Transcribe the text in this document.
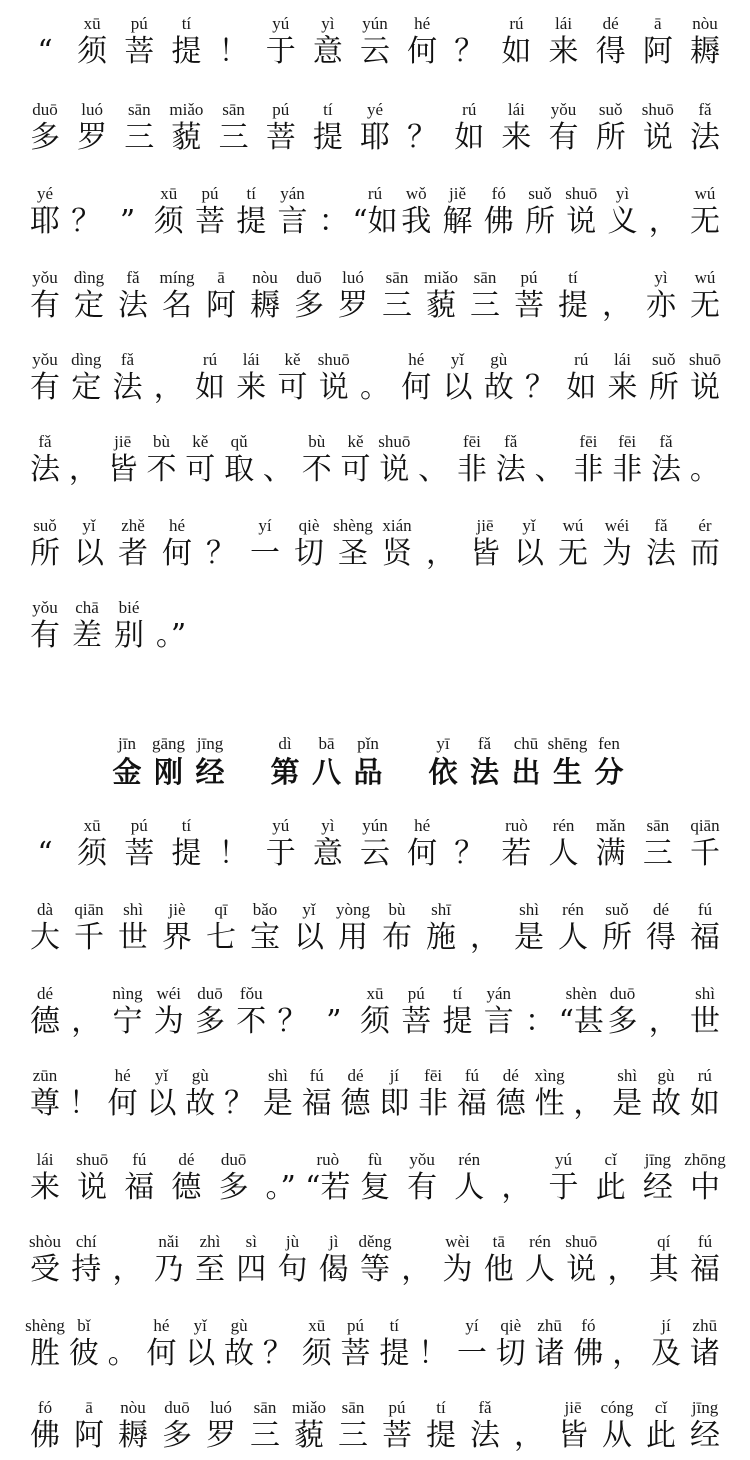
“
xū
须
pú
菩
tí
提 ！
yú
于
yì
意
yún
云
hé
何 ？
rú
如
lái
来
dé
得
ā
阿
nòu
耨
duō
多
luó
罗
sān
三
miǎo
藐
sān
三
pú
菩
tí
提
yé
耶 ？
rú
如
lái
来
yǒu
有
suǒ
所
shuō
说
fǎ
法
yé
耶 ？ ”
xū
须
pú
菩
tí
提
yán
言 ：
rú
“如
wǒ
我
jiě
解
fó
佛
suǒ
所
shuō
说
yì
义 ，
wú
无
yǒu
有
dìng
定
fǎ
法
míng
名
ā
阿
nòu
耨
duō
多
luó
罗
sān
三
miǎo
藐
sān
三
pú
菩
tí
提 ，
yì
亦
wú
无
yǒu
有
dìng
定
fǎ
法 ，
rú
如
lái
来
kě
可
shuō
说 。
hé
何
yǐ
以
gù
故 ？
rú
如
lái
来
suǒ
所
shuō
说
fǎ
法 ，
jiē
皆
bù
不
kě
可
qǔ
取 、
bù
不
kě
可
shuō
说 、
fēi
非
fǎ
法 、
fēi
非
fēi
非
fǎ
法 。
suǒ
所
yǐ
以
zhě
者
hé
何 ？
yí
一
qiè
切
shèng
圣
xián
贤 ，
jiē
皆
yǐ
以
wú
无
wéi
为
fǎ
法
ér
而
yǒu
有
chā
差
bié
别 。”
jīn
金
gāng
刚
jīng
经
dì
第
bā
八
pǐn
品
yī
依
fǎ
法
chū
出
shēng
生
fen
分
“
xū
须
pú
菩
tí
提 ！
yú
于
yì
意
yún
云
hé
何 ？
ruò
若
rén
人
mǎn
满
sān
三
qiān
千
dà
大
qiān
千
shì
世
jiè
界
qī
七
bǎo
宝
yǐ
以
yòng
用
bù
布
shī
施 ，
shì
是
rén
人
suǒ
所
dé
得
fú
福
dé
德 ，
nìng
宁
wéi
为
duō
多
fǒu
不 ？ ”
xū
须
pú
菩
tí
提
yán
言 ：
shèn
“甚
duō
多 ，
shì
世
zūn
尊 ！
hé
何
yǐ
以
gù
故 ？
shì
是
fú
福
dé
德
jí
即
fēi
非
fú
福
dé
德
xìng
性 ，
shì
是
gù
故
rú
如
lái
来
shuō
说
fú
福
dé
德
duō
多 。”
ruò
“若
fù
复
yǒu
有
rén
人 ，
yú
于
cǐ
此
jīng
经
zhōng
中
shòu
受
chí
持 ，
nǎi
乃
zhì
至
sì
四
jù
句
jì
偈
děng
等 ，
wèi
为
tā
他
rén
人
shuō
说 ，
qí
其
fú
福
shèng
胜
bǐ
彼 。
hé
何
yǐ
以
gù
故 ？
xū
须
pú
菩
tí
提 ！
yí
一
qiè
切
zhū
诸
fó
佛 ，
jí
及
zhū
诸
fó
佛
ā
阿
nòu
耨
duō
多
luó
罗
sān
三
miǎo
藐
sān
三
pú
菩
tí
提
fǎ
法 ，
jiē
皆
cóng
从
cǐ
此
jīng
经
